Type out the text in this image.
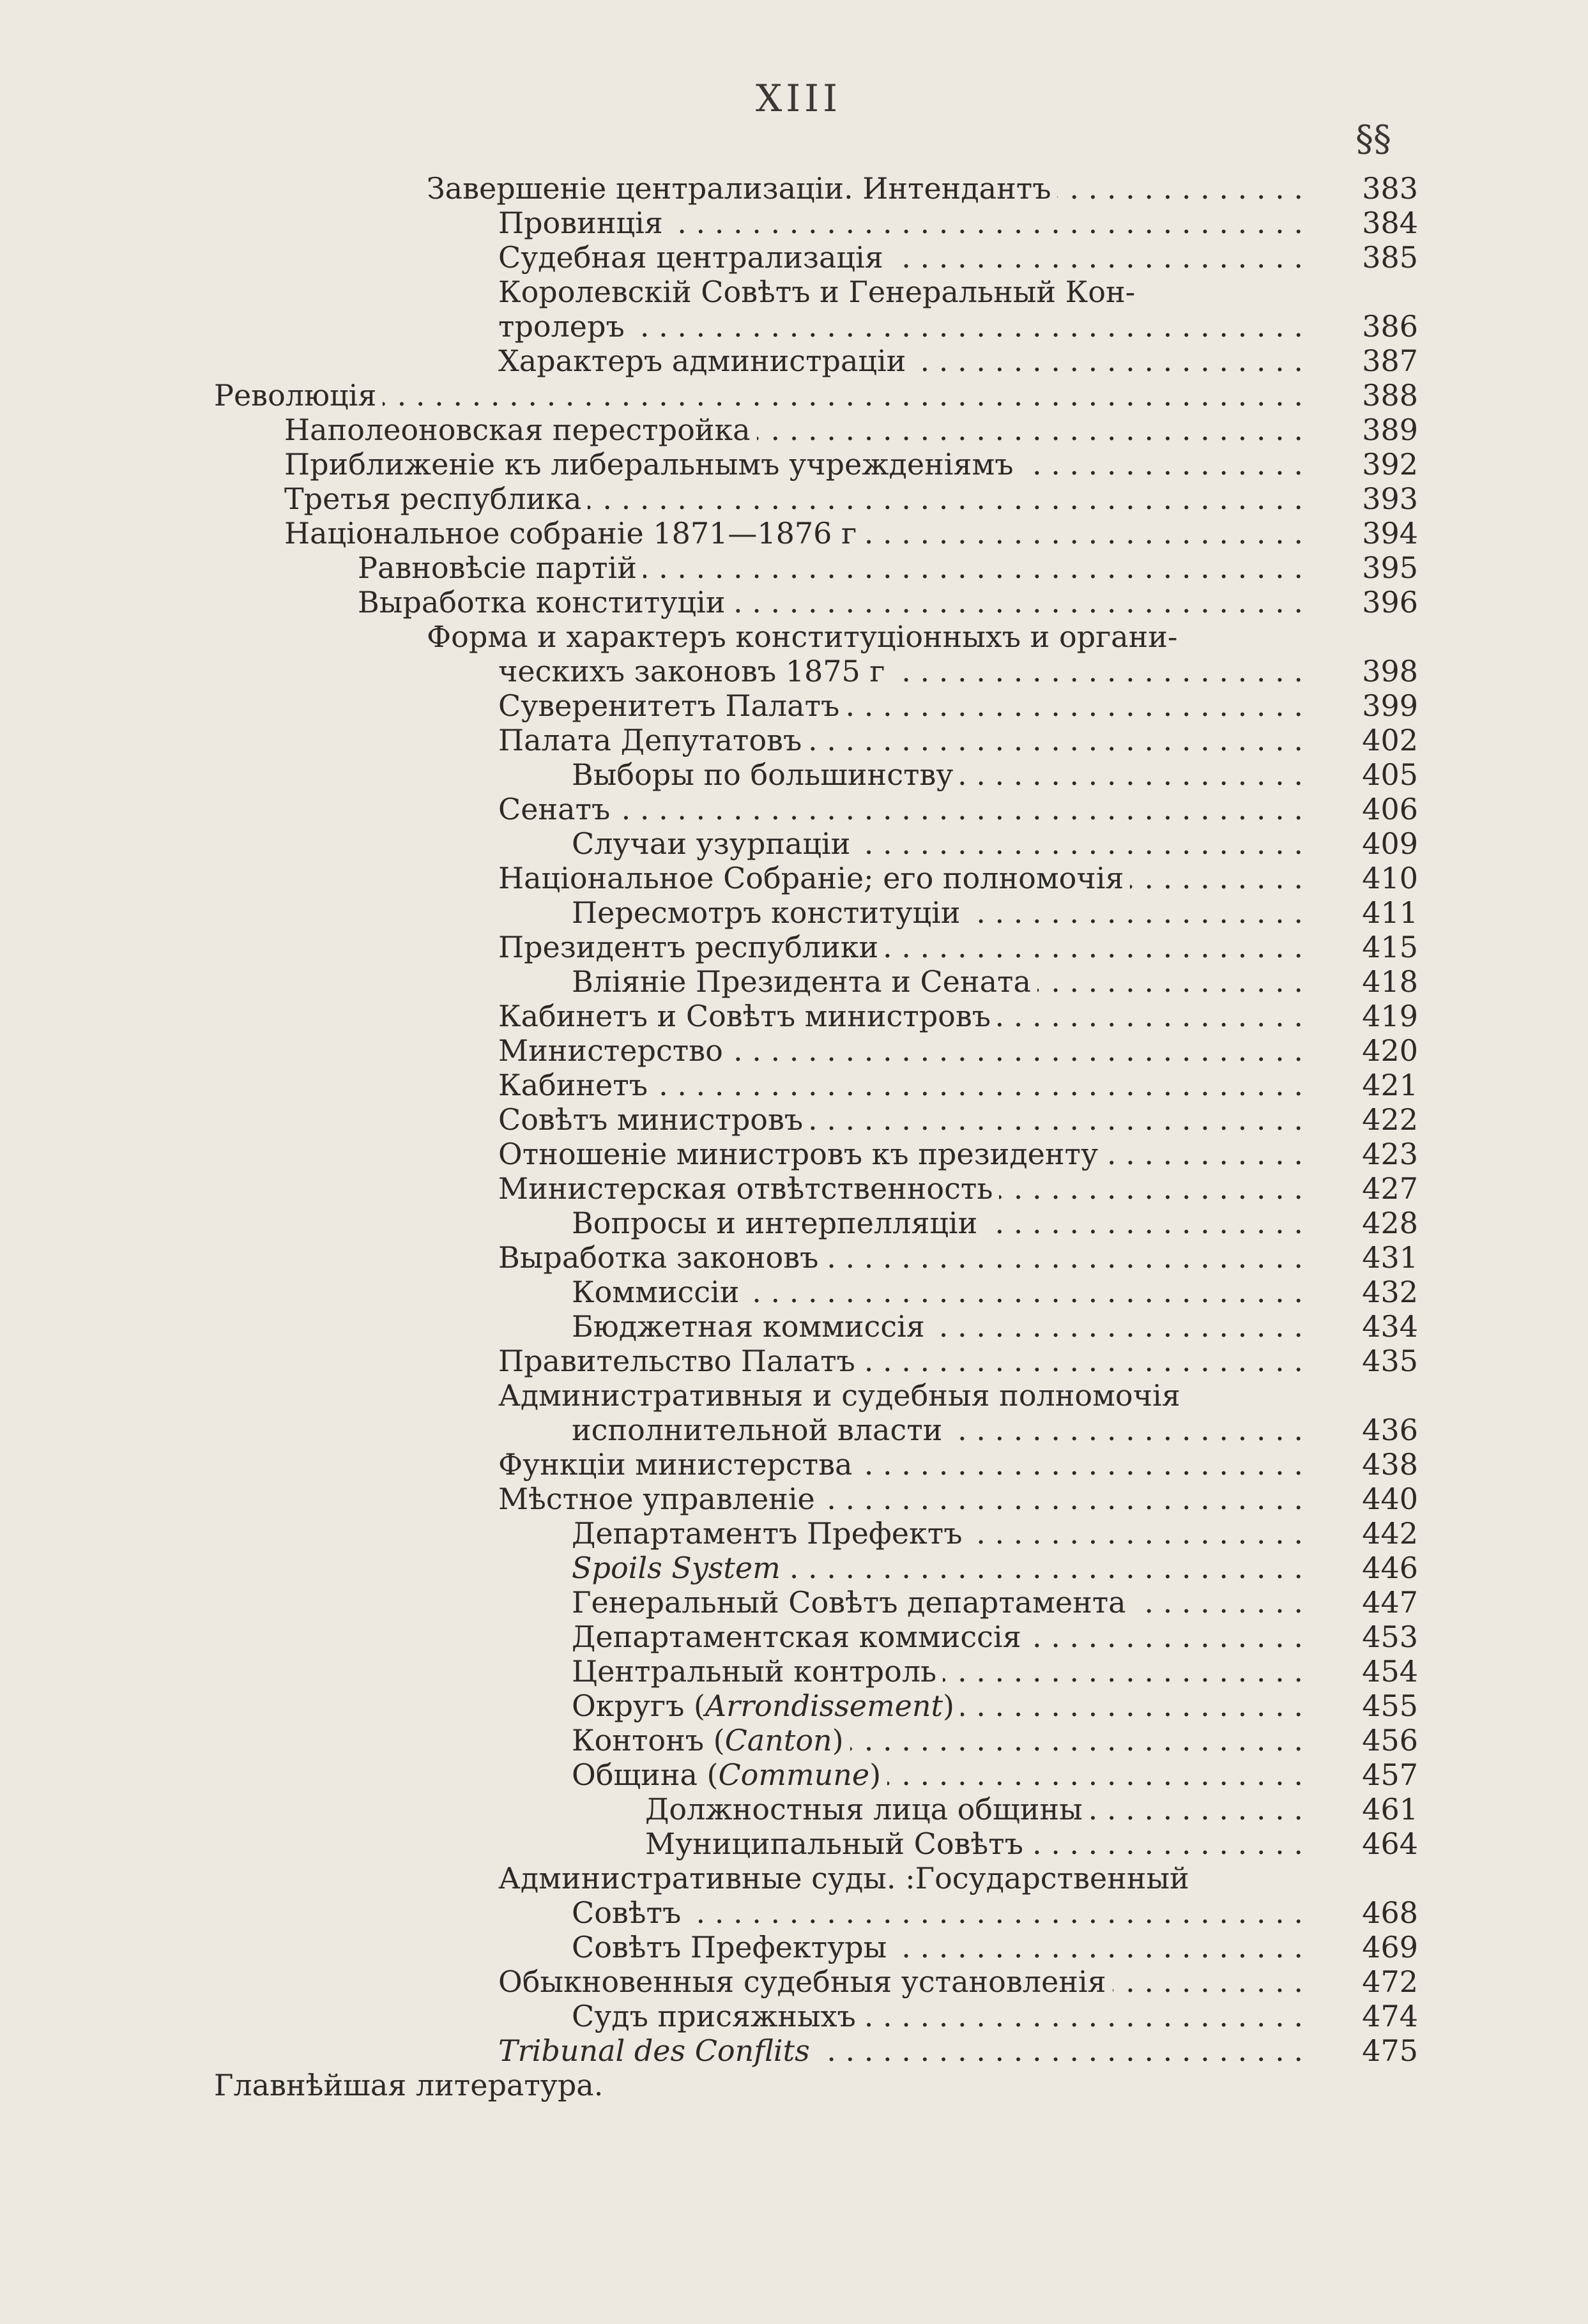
XIII
§§
Завершеніе централизаціи. Интендантъ . . .	383
Провинція . . .	384
Судебная централизація . . .	385
Королевскій Совѣтъ и Генеральный Кон-
тролеръ . . .	386
Характеръ администраціи . . .	387
Революція . . .	388
Наполеоновская перестройка . . .	389
Приближеніе къ либеральнымъ учрежденіямъ . . .	392
Третья республика . . .	393
Національное собраніе 1871—1876 г . . .	394
Равновѣсіе партій . . .	395
Выработка конституціи . . .	396
Форма и характеръ конституціонныхъ и органи-
ческихъ законовъ 1875 г . . .	398
Суверенитетъ Палатъ . . .	399
Палата Депутатовъ . . .	402
Выборы по большинству . . .	405
Сенатъ . . .	406
Случаи узурпаціи . . .	409
Національное Собраніе; его полномочія . . .	410
Пересмотръ конституціи . . .	411
Президентъ республики . . .	415
Вліяніе Президента и Сената . . .	418
Кабинетъ и Совѣтъ министровъ . . .	419
Министерство . . .	420
Кабинетъ . . .	421
Совѣтъ министровъ . . .	422
Отношеніе министровъ къ президенту . . .	423
Министерская отвѣтственность . . .	427
Вопросы и интерпелляціи . . .	428
Выработка законовъ . . .	431
Коммиссіи . . .	432
Бюджетная коммиссія . . .	434
Правительство Палатъ . . .	435
Административныя и судебныя полномочія
исполнительной власти . . .	436
Функціи министерства . . .	438
Мѣстное управленіе . . .	440
Департаментъ Префектъ . . .	442
Spoils System . . .	446
Генеральный Совѣтъ департамента . . .	447
Департаментская коммиссія . . .	453
Центральный контроль . . .	454
Округъ (Arrondissement) . . .	455
Контонъ (Canton) . . .	456
Община (Commune) . . .	457
Должностныя лица общины . . .	461
Муниципальный Совѣтъ . . .	464
Административные суды. :Государственный
Совѣтъ . . .	468
Совѣтъ Префектуры . . .	469
Обыкновенныя судебныя установленія . . .	472
Судъ присяжныхъ . . .	474
Tribunal des Conflits . . .	475
Главнѣйшая литература.
